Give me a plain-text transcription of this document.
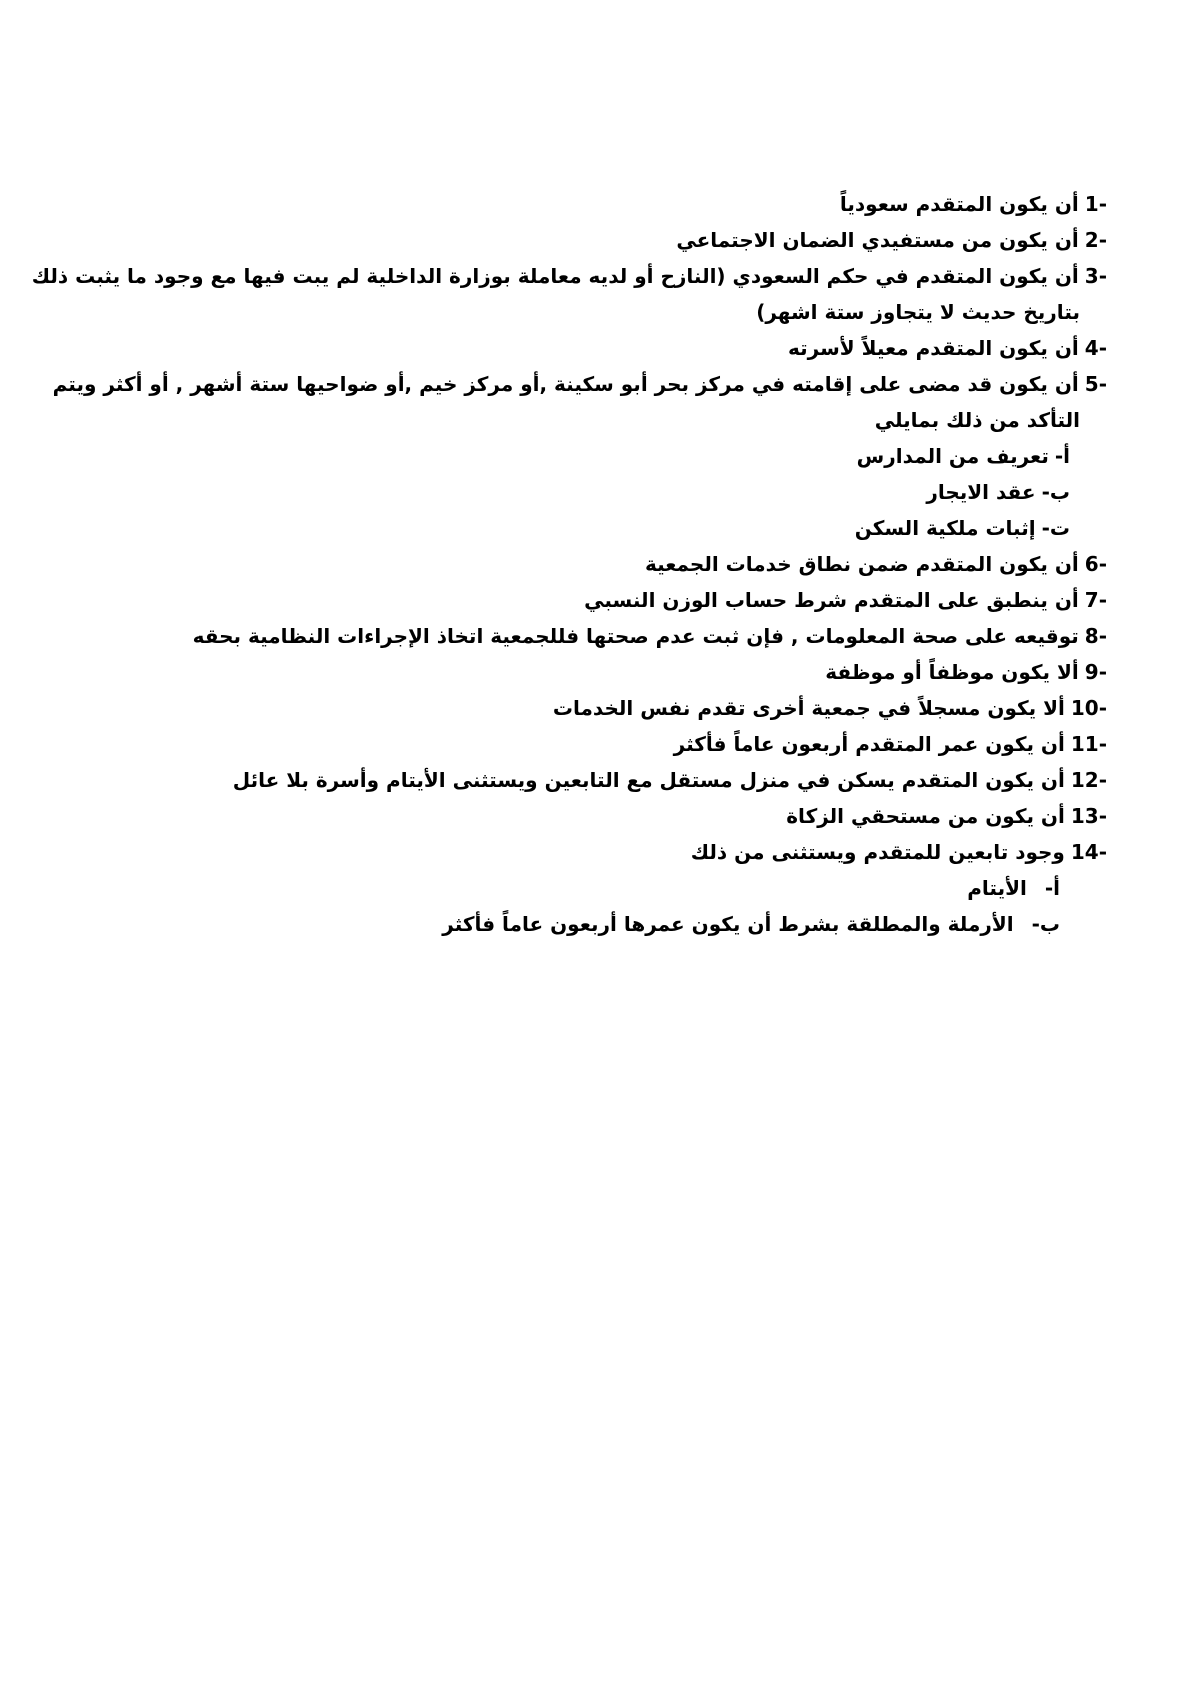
1-أن يكون المتقدم سعودياً
2-أن يكون من مستفيدي الضمان الاجتماعي
3-أن يكون المتقدم في حكم السعودي (النازح أو لديه معاملة بوزارة الداخلية لم يبت فيها مع وجود ما يثبت ذلك
بتاريخ حديث لا يتجاوز ستة اشهر)
4-أن يكون المتقدم معيلاً لأسرته
5-أن يكون قد مضى على إقامته في مركز بحر أبو سكينة ,أو مركز خيم ,أو ضواحيها ستة أشهر , أو أكثر ويتم
التأكد من ذلك بمايلي
أ-تعريف من المدارس
ب-عقد الايجار
ت-إثبات ملكية السكن
6-أن يكون المتقدم ضمن نطاق خدمات الجمعية
7-أن ينطبق على المتقدم شرط حساب الوزن النسبي
8-توقيعه على صحة المعلومات , فإن ثبت عدم صحتها فللجمعية اتخاذ الإجراءات النظامية بحقه
9-ألا يكون موظفاً أو موظفة
10-ألا يكون مسجلاً في جمعية أخرى تقدم نفس الخدمات
11-أن يكون عمر المتقدم أربعون عاماً فأكثر
12-أن يكون المتقدم يسكن في منزل مستقل مع التابعين ويستثنى الأيتام وأسرة بلا عائل
13-أن يكون من مستحقي الزكاة
14-وجود تابعين للمتقدم ويستثنى من ذلك
أ-الأيتام
ب-الأرملة والمطلقة بشرط أن يكون عمرها أربعون عاماً فأكثر
